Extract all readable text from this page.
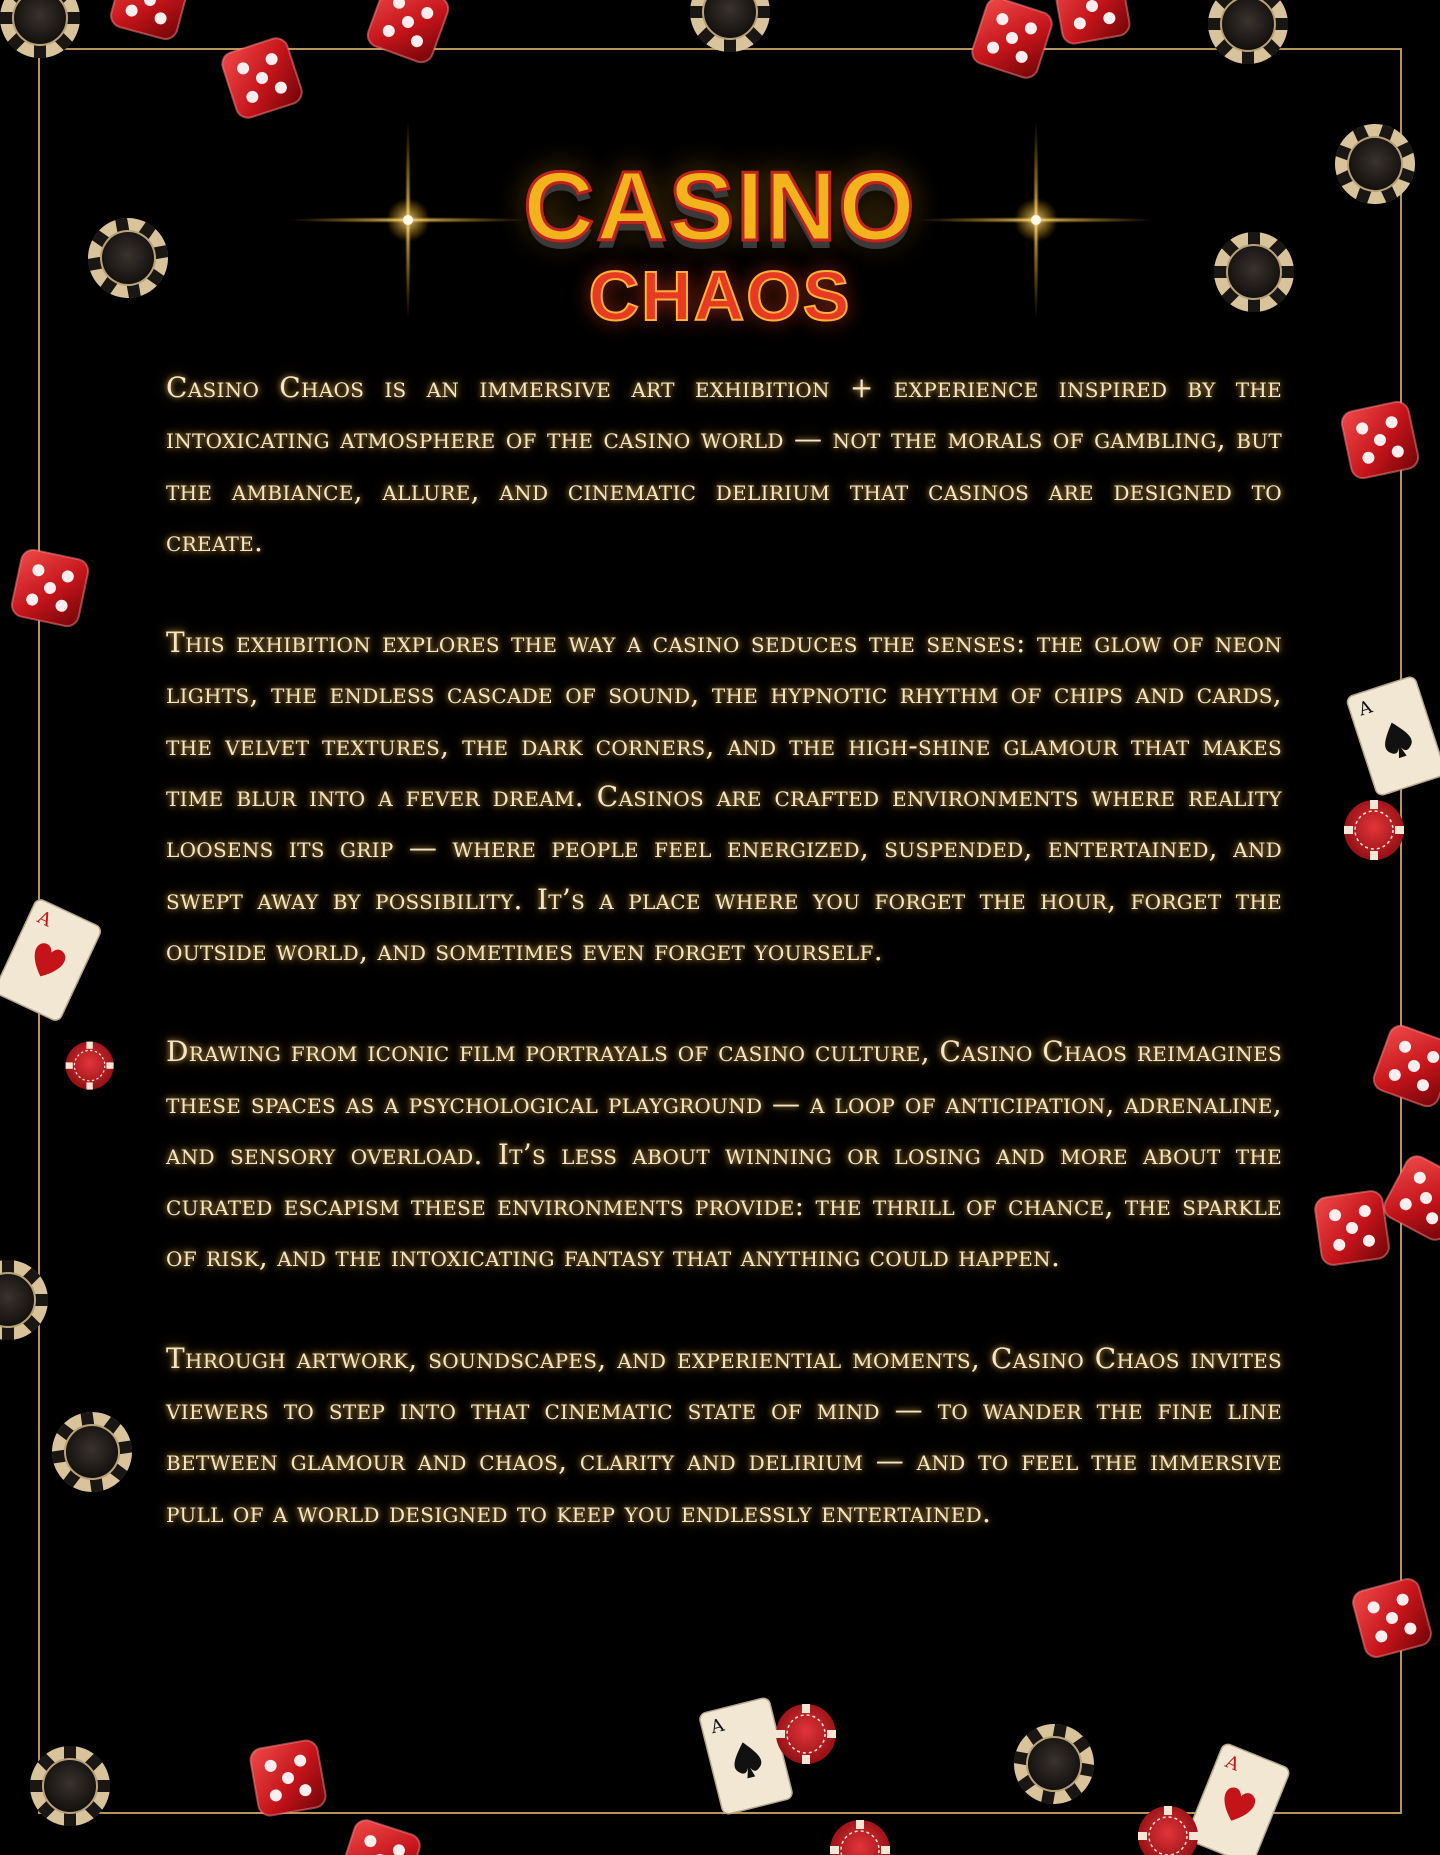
CASINO
CHAOS

Casino Chaos is an immersive art exhibition + experience inspired by the intoxicating atmosphere of the casino world — not the morals of gambling, but the ambiance, allure, and cinematic delirium that casinos are designed to create.

This exhibition explores the way a casino seduces the senses: the glow of neon lights, the endless cascade of sound, the hypnotic rhythm of chips and cards, the velvet textures, the dark corners, and the high-shine glamour that makes time blur into a fever dream. Casinos are crafted environments where reality loosens its grip — where people feel energized, suspended, entertained, and swept away by possibility. It’s a place where you forget the hour, forget the outside world, and sometimes even forget yourself.

Drawing from iconic film portrayals of casino culture, Casino Chaos reimagines these spaces as a psychological playground — a loop of anticipation, adrenaline, and sensory overload. It’s less about winning or losing and more about the curated escapism these environments provide: the thrill of chance, the sparkle of risk, and the intoxicating fantasy that anything could happen.

Through artwork, soundscapes, and experiential moments, Casino Chaos invites viewers to step into that cinematic state of mind — to wander the fine line between glamour and chaos, clarity and delirium — and to feel the immersive pull of a world designed to keep you endlessly entertained.
